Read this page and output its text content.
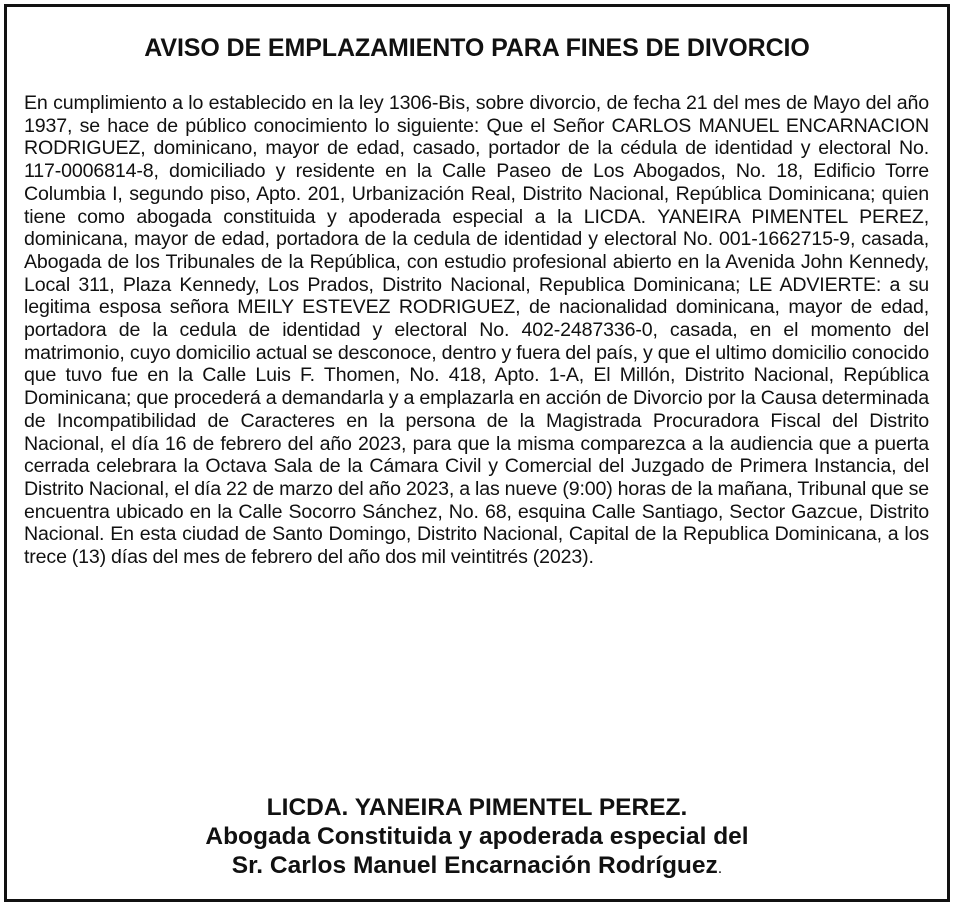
AVISO DE EMPLAZAMIENTO PARA FINES DE DIVORCIO

En cumplimiento a lo establecido en la ley 1306-Bis, sobre divorcio, de fecha 21 del mes de Mayo del año 1937, se hace de público conocimiento lo siguiente: Que el Señor CARLOS MANUEL ENCARNACION RODRIGUEZ, dominicano, mayor de edad, casado, portador de la cédula de identidad y electoral No. 117-0006814-8, domiciliado y residente en la Calle Paseo de Los Abogados, No. 18, Edificio Torre Columbia I, segundo piso, Apto. 201, Urbanización Real, Distrito Nacional, República Dominicana; quien tiene como abogada constituida y apoderada especial a la LICDA. YANEIRA PIMENTEL PEREZ, dominicana, mayor de edad, portadora de la cedula de identidad y electoral No. 001-1662715-9, casada, Abogada de los Tribunales de la República, con estudio profesional abierto en la Avenida John Kennedy, Local 311, Plaza Kennedy, Los Prados, Distrito Nacional, Republica Dominicana; LE ADVIERTE: a su legitima esposa señora MEILY ESTEVEZ RODRIGUEZ, de nacionalidad dominicana, mayor de edad, portadora de la cedula de identidad y electoral No. 402-2487336-0, casada, en el momento del matrimonio, cuyo domicilio actual se desconoce, dentro y fuera del país, y que el ultimo domicilio conocido que tuvo fue en la Calle Luis F. Thomen, No. 418, Apto. 1-A, El Millón, Distrito Nacional, República Dominicana; que procederá a demandarla y a emplazarla en acción de Divorcio por la Causa determinada de Incompatibilidad de Caracteres en la persona de la Magistrada Procuradora Fiscal del Distrito Nacional, el día 16 de febrero del año 2023, para que la misma comparezca a la audiencia que a puerta cerrada celebrara la Octava Sala de la Cámara Civil y Comercial del Juzgado de Primera Instancia, del Distrito Nacional, el día 22 de marzo del año 2023, a las nueve (9:00) horas de la mañana, Tribunal que se encuentra ubicado en la Calle Socorro Sánchez, No. 68, esquina Calle Santiago, Sector Gazcue, Distrito Nacional. En esta ciudad de Santo Domingo, Distrito Nacional, Capital de la Republica Dominicana, a los trece (13) días del mes de febrero del año dos mil veintitrés (2023).

LICDA. YANEIRA PIMENTEL PEREZ.
Abogada Constituida y apoderada especial del
Sr. Carlos Manuel Encarnación Rodríguez.
